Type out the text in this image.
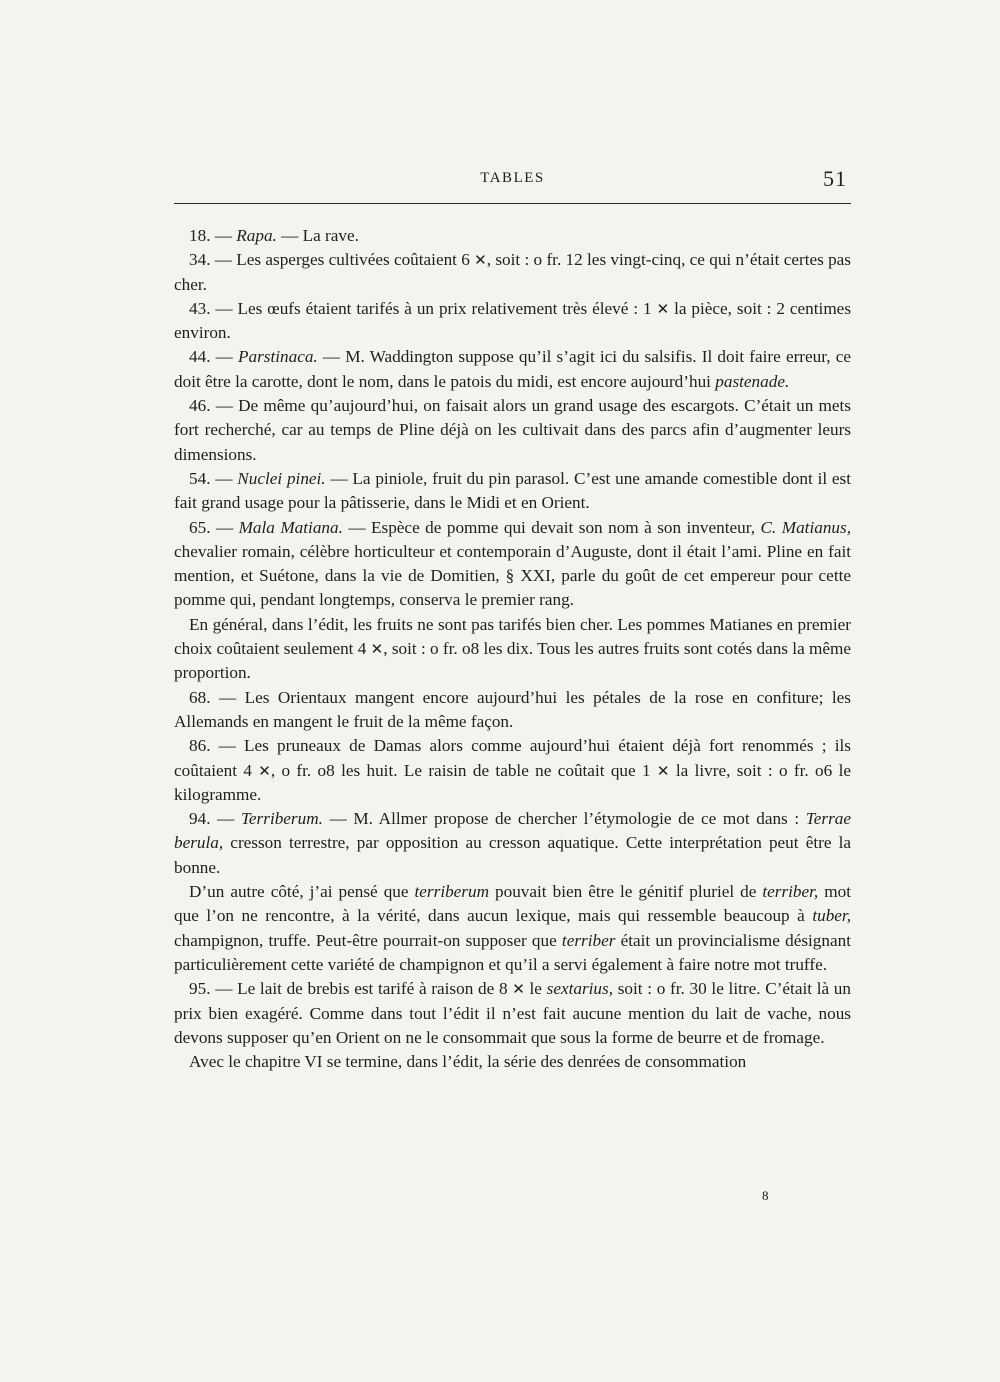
TABLES	51

18. — Rapa. — La rave.

34. — Les asperges cultivées coûtaient 6 ✕, soit : o fr. 12 les vingt-cinq, ce qui n’était certes pas cher.

43. — Les œufs étaient tarifés à un prix relativement très élevé : 1 ✕ la pièce, soit : 2 centimes environ.

44. — Parstinaca. — M. Waddington suppose qu’il s’agit ici du salsifis. Il doit faire erreur, ce doit être la carotte, dont le nom, dans le patois du midi, est encore aujourd’hui pastenade.

46. — De même qu’aujourd’hui, on faisait alors un grand usage des escargots. C’était un mets fort recherché, car au temps de Pline déjà on les cultivait dans des parcs afin d’augmenter leurs dimensions.

54. — Nuclei pinei. — La piniole, fruit du pin parasol. C’est une amande comestible dont il est fait grand usage pour la pâtisserie, dans le Midi et en Orient.

65. — Mala Matiana. — Espèce de pomme qui devait son nom à son inventeur, C. Matianus, chevalier romain, célèbre horticulteur et contemporain d’Auguste, dont il était l’ami. Pline en fait mention, et Suétone, dans la vie de Domitien, § XXI, parle du goût de cet empereur pour cette pomme qui, pendant longtemps, conserva le premier rang.

En général, dans l’édit, les fruits ne sont pas tarifés bien cher. Les pommes Matianes en premier choix coûtaient seulement 4 ✕, soit : o fr. o8 les dix. Tous les autres fruits sont cotés dans la même proportion.

68. — Les Orientaux mangent encore aujourd’hui les pétales de la rose en confiture; les Allemands en mangent le fruit de la même façon.

86. — Les pruneaux de Damas alors comme aujourd’hui étaient déjà fort renommés ; ils coûtaient 4 ✕, o fr. o8 les huit. Le raisin de table ne coûtait que 1 ✕ la livre, soit : o fr. o6 le kilogramme.

94. — Terriberum. — M. Allmer propose de chercher l’étymologie de ce mot dans : Terrae berula, cresson terrestre, par opposition au cresson aquatique. Cette interprétation peut être la bonne.

D’un autre côté, j’ai pensé que terriberum pouvait bien être le génitif pluriel de terriber, mot que l’on ne rencontre, à la vérité, dans aucun lexique, mais qui ressemble beaucoup à tuber, champignon, truffe. Peut-être pourrait-on supposer que terriber était un provincialisme désignant particulièrement cette variété de champignon et qu’il a servi également à faire notre mot truffe.

95. — Le lait de brebis est tarifé à raison de 8 ✕ le sextarius, soit : o fr. 30 le litre. C’était là un prix bien exagéré. Comme dans tout l’édit il n’est fait aucune mention du lait de vache, nous devons supposer qu’en Orient on ne le consommait que sous la forme de beurre et de fromage.

Avec le chapitre VI se termine, dans l’édit, la série des denrées de consommation

8
